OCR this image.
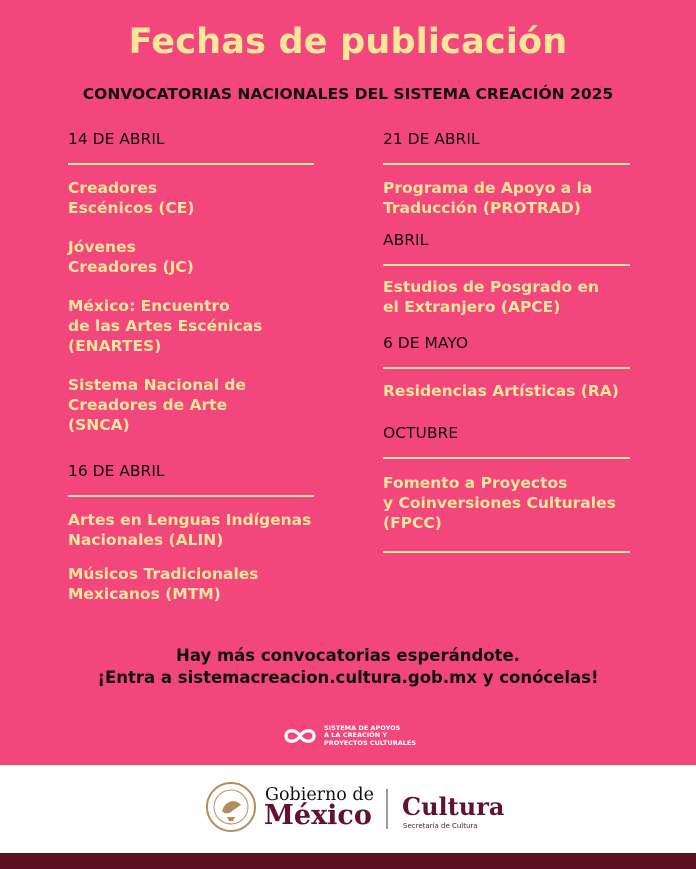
Fechas de publicación
CONVOCATORIAS NACIONALES DEL SISTEMA CREACIÓN 2025
14 DE ABRIL
Creadores
Escénicos (CE)
Jóvenes
Creadores (JC)
México: Encuentro
de las Artes Escénicas
(ENARTES)
Sistema Nacional de
Creadores de Arte
(SNCA)
16 DE ABRIL
Artes en Lenguas Indígenas
Nacionales (ALIN)
Músicos Tradicionales
Mexicanos (MTM)
21 DE ABRIL
Programa de Apoyo a la
Traducción (PROTRAD)
ABRIL
Estudios de Posgrado en
el Extranjero (APCE)
6 DE MAYO
Residencias Artísticas (RA)
OCTUBRE
Fomento a Proyectos
y Coinversiones Culturales
(FPCC)
Hay más convocatorias esperándote.
¡Entra a sistemacreacion.cultura.gob.mx y conócelas!
SISTEMA DE APOYOS
A LA CREACIÓN Y
PROYECTOS CULTURALES
Gobierno de
México Cultura
Secretaría de Cultura
